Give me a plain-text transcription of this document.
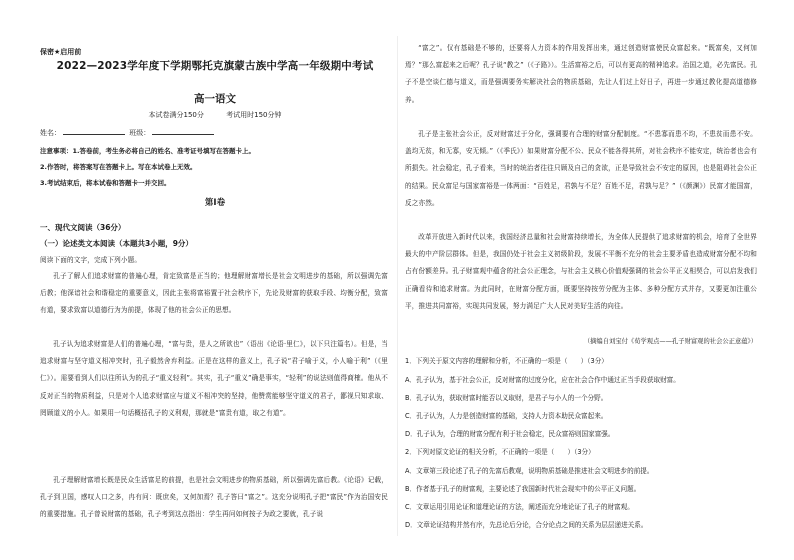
保密★启用前
2022—2023学年度下学期鄂托克旗蒙古族中学高一年级期中考试
高一语文
本试卷满分150分	考试用时150分钟
姓名：	班级：
注意事项：1.答卷前，考生务必将自己的姓名、准考证号填写在答题卡上。
2.作答时，将答案写在答题卡上。写在本试卷上无效。
3.考试结束后，将本试卷和答题卡一并交回。
第Ⅰ卷
一、现代文阅读（36分）
（一）论述类文本阅读（本题共3小题，9分）
阅读下面的文字，完成下列小题。
孔子了解人们追求财富的普遍心理，肯定致富是正当的；他理解财富增长是社会文明进步的基础，所以强调先富后教；他深谙社会和谐稳定的重要意义，因此主张将富裕置于社会秩序下，先论及财富的获取手段、均衡分配，致富有道，要求致富以道德行为为前提，体现了他的社会公正的思想。
孔子认为追求财富是人们的普遍心理，“富与贵，是人之所欲也”（语出《论语·里仁》，以下只注篇名）。但是，当追求财富与坚守道义相冲突时，孔子毅然舍弃利益。正是在这样的意义上，孔子说“君子喻于义，小人喻于利”（《里仁》）。需要看到人们以往所认为的孔子“重义轻利”。其实，孔子“重义”确是事实，“轻利”的说法则值得商榷。他从不反对正当的物质利益，只是对个人追求财富应与道义不相冲突的坚持，他赞赏能够坚守道义的君子，鄙视只知求取、罔顾道义的小人。如果用一句话概括孔子的义利观，那就是“富贵有道，取之有道”。
孔子理解财富增长既是民众生活富足的前提，也是社会文明进步的物质基础，所以强调先富后教。《论语》记载，孔子到卫国，感叹人口之多，冉有问：既庶矣，又何加焉？孔子答曰“富之”。这充分说明孔子把“富民”作为治国安民的重要措施。孔子曾说财富的基础，孔子考到这点指出：学生再问如何按子为政之要就，孔子说
“富之”。仅有基础是不够的，还要将人力资本的作用发挥出来，通过创造财富使民众富起来。“既富矣，又何加焉？”那么富起来之后呢？孔子说“教之”（《子路》）。生活富裕之后，可以有更高的精神追求。治国之道，必先富民。孔子不是空谈仁德与道义，而是强调要务实解决社会的物质基础，先让人们过上好日子，再进一步通过教化提高道德修养。
孔子是主张社会公正，反对财富过于分化，强调要有合理的财富分配制度。“不患寡而患不均，不患贫而患不安。盖均无贫，和无寡，安无倾。”（《季氏》）如果财富分配不公、民众不能各得其所，对社会秩序不能安定，统治者也会有所损失。社会稳定，孔子看来，当时的统治者往往只顾及自己的贪欲，正是导致社会不安定的原因，也是阻碍社会公正的结果。民众富足与国家富裕是一体两面：“百姓足，君孰与不足？百姓不足，君孰与足？”（《颜渊》）民富才能国富，反之亦然。
改革开放进入新时代以来，我国经济总量和社会财富持续增长，为全体人民提供了追求财富的机会，培育了全世界最大的中产阶层群体。但是，我国仍处于社会主义初级阶段，发展不平衡不充分的社会主要矛盾也造成财富分配不均和占有份额差异。孔子财富观中蕴含的社会公正理念，与社会主义核心价值观强调的社会公平正义相契合，可以启发我们正确看待和追求财富。为此同时，在财富分配方面，既要坚持按劳分配为主体、多种分配方式并存，又要更加注重公平，推进共同富裕，实现共同发展，努力满足广大人民对美好生活的向往。
（摘编自刘宝付《荀学观点——孔子财富观的社会公正意蕴》）
1．下列关于原文内容的理解和分析，不正确的一项是（　　）（3分）
A．孔子认为，基于社会公正，反对财富的过度分化，应在社会合作中通过正当手段获取财富。
B．孔子认为，获取财富时能否以义取财，是君子与小人的一个分野。
C．孔子认为，人力是创造财富的基础，支持人力资本助民众富起来。
D．孔子认为，合理的财富分配有利于社会稳定，民众富裕则国家富强。
2．下列对原文论证的相关分析，不正确的一项是（　　）（3分）
A．文章第三段论述了孔子的先富后教观，说明物质基础是推进社会文明进步的前提。
B．作者基于孔子的财富观，主要论述了我国新时代社会现实中的公平正义问题。
C．文章运用引用论证和道理论证的方法，阐述而充分地论证了孔子的财富观。
D．文章论证结构并然有序，先总论后分论，合分论点之间的关系为层层递进关系。
